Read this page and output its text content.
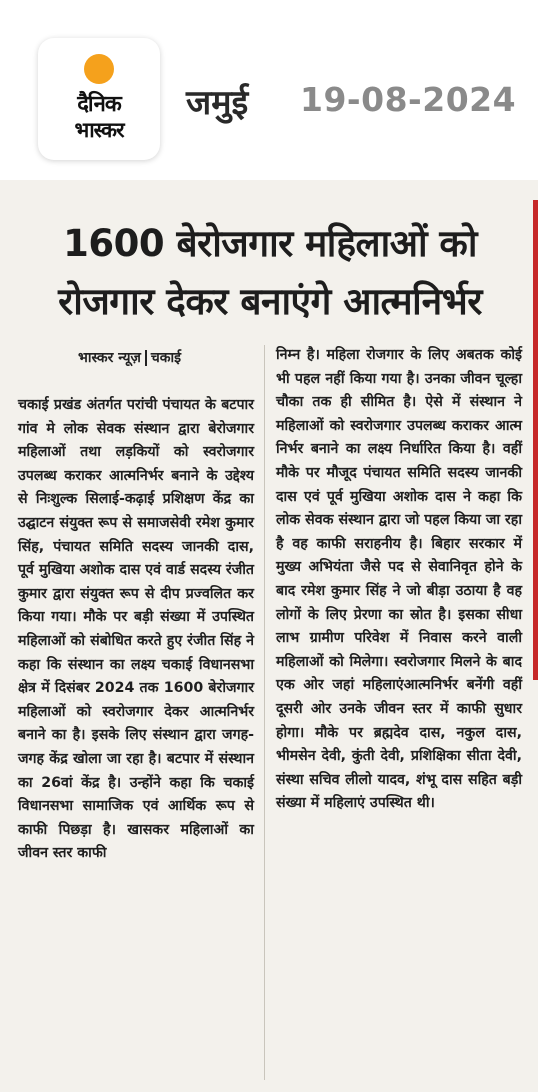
दैनिक
भास्कर
जमुई 19-08-2024
1600 बेरोजगार महिलाओं को
रोजगार देकर बनाएंगे आत्मनिर्भर
भास्कर न्यूज़ चकाई
चकाई प्रखंड अंतर्गत परांची पंचायत के बटपार गांव मे लोक सेवक संस्थान द्वारा बेरोजगार महिलाओं तथा लड़कियों को स्वरोजगार उपलब्ध कराकर आत्मनिर्भर बनाने के उद्देश्य से निःशुल्क सिलाई-कढ़ाई प्रशिक्षण केंद्र का उद्घाटन संयुक्त रूप से समाजसेवी रमेश कुमार सिंह, पंचायत समिति सदस्य जानकी दास, पूर्व मुखिया अशोक दास एवं वार्ड सदस्य रंजीत कुमार द्वारा संयुक्त रूप से दीप प्रज्वलित कर किया गया। मौके पर बड़ी संख्या में उपस्थित महिलाओं को संबोधित करते हुए रंजीत सिंह ने कहा कि संस्थान का लक्ष्य चकाई विधानसभा क्षेत्र में दिसंबर 2024 तक 1600 बेरोजगार महिलाओं को स्वरोजगार देकर आत्मनिर्भर बनाने का है। इसके लिए संस्थान द्वारा जगह-जगह केंद्र खोला जा रहा है। बटपार में संस्थान का 26वां केंद्र है। उन्होंने कहा कि चकाई विधानसभा सामाजिक एवं आर्थिक रूप से काफी पिछड़ा है। खासकर महिलाओं का जीवन स्तर काफी
निम्न है। महिला रोजगार के लिए अबतक कोई भी पहल नहीं किया गया है। उनका जीवन चूल्हा चौका तक ही सीमित है। ऐसे में संस्थान ने महिलाओं को स्वरोजगार उपलब्ध कराकर आत्म निर्भर बनाने का लक्ष्य निर्धारित किया है। वहीं मौके पर मौजूद पंचायत समिति सदस्य जानकी दास एवं पूर्व मुखिया अशोक दास ने कहा कि लोक सेवक संस्थान द्वारा जो पहल किया जा रहा है वह काफी सराहनीय है। बिहार सरकार में मुख्य अभियंता जैसे पद से सेवानिवृत होने के बाद रमेश कुमार सिंह ने जो बीड़ा उठाया है वह लोगों के लिए प्रेरणा का स्रोत है। इसका सीधा लाभ ग्रामीण परिवेश में निवास करने वाली महिलाओं को मिलेगा। स्वरोजगार मिलने के बाद एक ओर जहां महिलाएंआत्मनिर्भर बनेंगी वहीं दूसरी ओर उनके जीवन स्तर में काफी सुधार होगा। मौके पर ब्रह्मदेव दास, नकुल दास, भीमसेन देवी, कुंती देवी, प्रशिक्षिका सीता देवी, संस्था सचिव लीलो यादव, शंभू दास सहित बड़ी संख्या में महिलाएं उपस्थित थी।
